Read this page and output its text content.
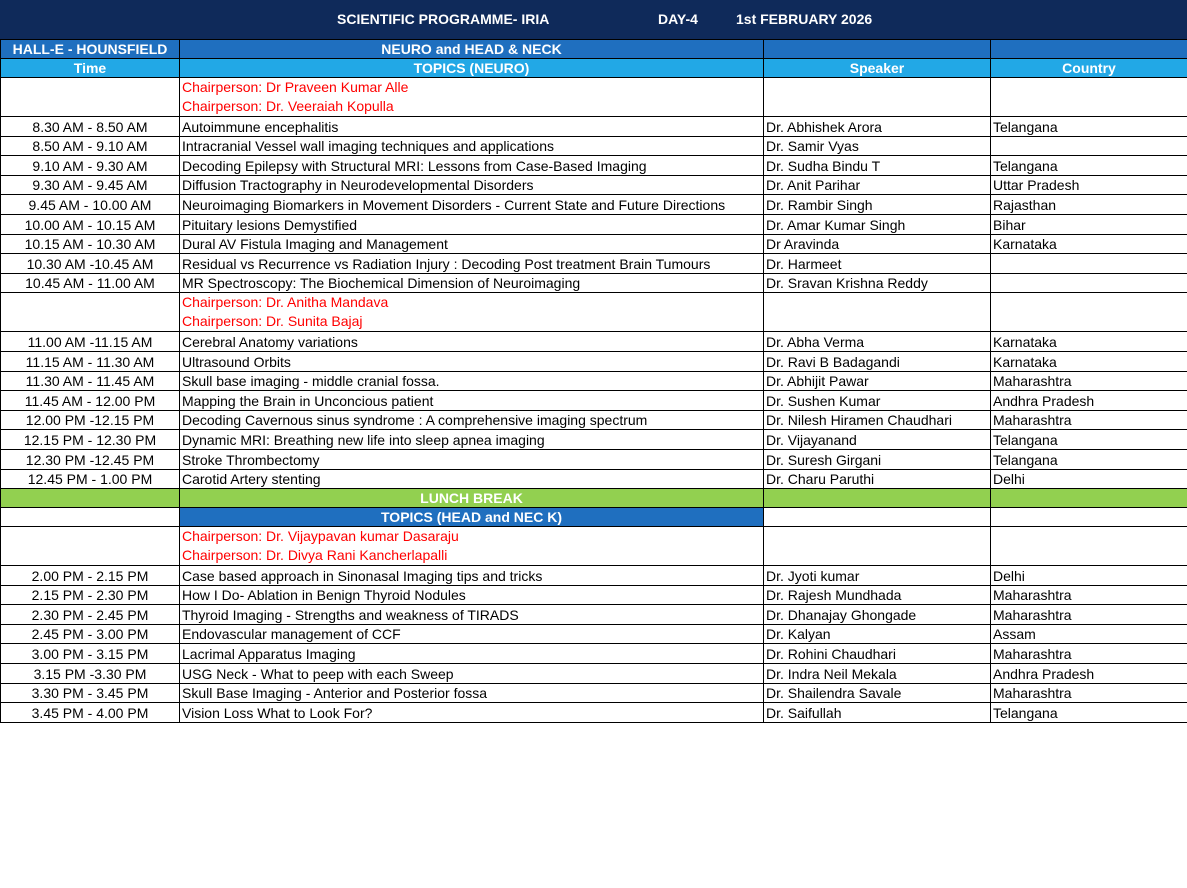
SCIENTIFIC PROGRAMME- IRIA	DAY-4	1st FEBRUARY 2026
HALL-E - HOUNSFIELD	NEURO and HEAD & NECK		
Time	TOPICS (NEURO)	Speaker	Country

	Chairperson: Dr Praveen Kumar Alle
Chairperson: Dr. Veeraiah Kopulla		

8.30 AM - 8.50 AM	Autoimmune encephalitis	Dr. Abhishek Arora	Telangana
8.50 AM - 9.10 AM	Intracranial Vessel wall imaging techniques and applications	Dr. Samir Vyas	
9.10 AM - 9.30 AM	Decoding Epilepsy with Structural MRI: Lessons from Case-Based Imaging	Dr. Sudha Bindu T	Telangana
9.30 AM - 9.45 AM	Diffusion Tractography in Neurodevelopmental Disorders	Dr. Anit Parihar	Uttar Pradesh
9.45 AM - 10.00 AM	Neuroimaging Biomarkers in Movement Disorders - Current State and Future Directions	Dr. Rambir Singh	Rajasthan
10.00 AM - 10.15 AM	Pituitary lesions Demystified	Dr. Amar Kumar Singh	Bihar
10.15 AM - 10.30 AM	Dural AV Fistula Imaging and Management	Dr Aravinda	Karnataka
10.30 AM -10.45 AM	Residual vs Recurrence vs Radiation Injury : Decoding Post treatment Brain Tumours	Dr. Harmeet	
10.45 AM - 11.00 AM	MR Spectroscopy: The Biochemical Dimension of Neuroimaging	Dr. Sravan Krishna Reddy	

	Chairperson: Dr. Anitha Mandava
Chairperson: Dr. Sunita Bajaj		

11.00 AM -11.15 AM	Cerebral Anatomy variations	Dr. Abha Verma	Karnataka
11.15 AM - 11.30 AM	Ultrasound Orbits	Dr. Ravi B Badagandi	Karnataka
11.30 AM - 11.45 AM	Skull base imaging - middle cranial fossa.	Dr. Abhijit Pawar	Maharashtra
11.45 AM - 12.00 PM	Mapping the Brain in Unconcious patient	Dr. Sushen Kumar	Andhra Pradesh
12.00 PM -12.15 PM	Decoding Cavernous sinus syndrome : A comprehensive imaging spectrum	Dr. Nilesh Hiramen Chaudhari	Maharashtra
12.15 PM - 12.30 PM	Dynamic MRI: Breathing new life into sleep apnea imaging	Dr. Vijayanand	Telangana
12.30 PM -12.45 PM	Stroke Thrombectomy	Dr. Suresh Girgani	Telangana
12.45 PM - 1.00 PM	Carotid Artery stenting	Dr. Charu Paruthi	Delhi
	LUNCH BREAK		
	TOPICS (HEAD and NEC K)		

	Chairperson: Dr. Vijaypavan kumar Dasaraju
Chairperson: Dr. Divya Rani Kancherlapalli		

2.00 PM - 2.15 PM	Case based approach in Sinonasal Imaging tips and tricks	Dr. Jyoti kumar	Delhi
2.15 PM - 2.30 PM	How I Do- Ablation in Benign Thyroid Nodules	Dr. Rajesh Mundhada	Maharashtra
2.30 PM - 2.45 PM	Thyroid Imaging - Strengths and weakness of TIRADS	Dr. Dhanajay Ghongade	Maharashtra
2.45 PM - 3.00 PM	Endovascular management of CCF	Dr. Kalyan	Assam
3.00 PM - 3.15 PM	Lacrimal Apparatus Imaging	Dr. Rohini Chaudhari	Maharashtra
3.15 PM -3.30 PM	USG Neck - What to peep with each Sweep	Dr. Indra Neil Mekala	Andhra Pradesh
3.30 PM - 3.45 PM	Skull Base Imaging - Anterior and Posterior fossa	Dr. Shailendra Savale	Maharashtra
3.45 PM - 4.00 PM	Vision Loss What to Look For?	Dr. Saifullah	Telangana
